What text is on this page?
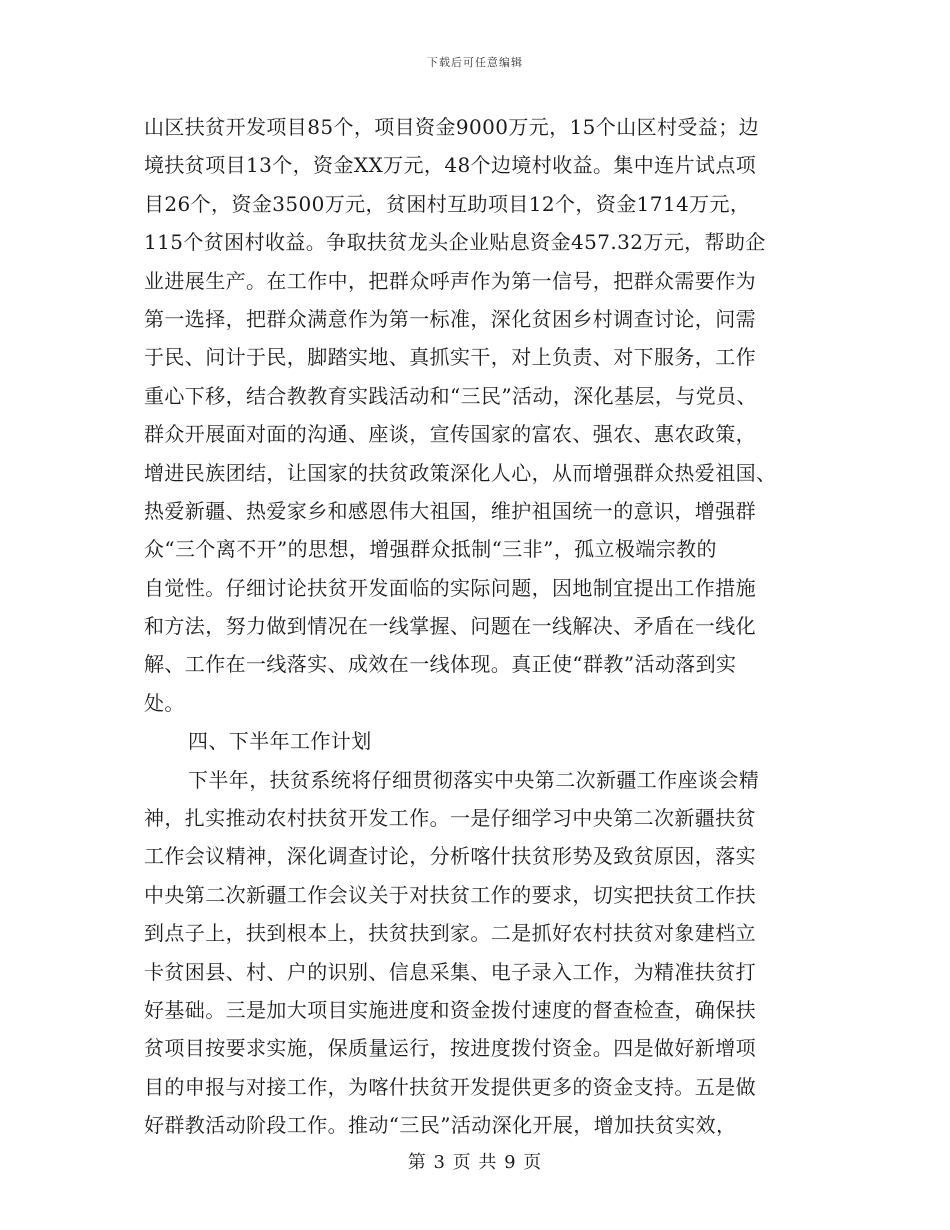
下载后可任意编辑
山区扶贫开发项目85个，项目资金9000万元，15个山区村受益；边
境扶贫项目13个，资金XX万元，48个边境村收益。集中连片试点项
目26个，资金3500万元，贫困村互助项目12个，资金1714万元，
115个贫困村收益。争取扶贫龙头企业贴息资金457.32万元，帮助企
业进展生产。在工作中，把群众呼声作为第一信号，把群众需要作为
第一选择，把群众满意作为第一标准，深化贫困乡村调查讨论，问需
于民、问计于民，脚踏实地、真抓实干，对上负责、对下服务，工作
重心下移，结合教教育实践活动和“三民”活动，深化基层，与党员、
群众开展面对面的沟通、座谈，宣传国家的富农、强农、惠农政策，
增进民族团结，让国家的扶贫政策深化人心，从而增强群众热爱祖国、
热爱新疆、热爱家乡和感恩伟大祖国，维护祖国统一的意识，增强群
众“三个离不开”的思想，增强群众抵制“三非”，孤立极端宗教的
自觉性。仔细讨论扶贫开发面临的实际问题，因地制宜提出工作措施
和方法，努力做到情况在一线掌握、问题在一线解决、矛盾在一线化
解、工作在一线落实、成效在一线体现。真正使“群教”活动落到实
处。
四、下半年工作计划
下半年，扶贫系统将仔细贯彻落实中央第二次新疆工作座谈会精
神，扎实推动农村扶贫开发工作。一是仔细学习中央第二次新疆扶贫
工作会议精神，深化调查讨论，分析喀什扶贫形势及致贫原因，落实
中央第二次新疆工作会议关于对扶贫工作的要求，切实把扶贫工作扶
到点子上，扶到根本上，扶贫扶到家。二是抓好农村扶贫对象建档立
卡贫困县、村、户的识别、信息采集、电子录入工作，为精准扶贫打
好基础。三是加大项目实施进度和资金拨付速度的督查检查，确保扶
贫项目按要求实施，保质量运行，按进度拨付资金。四是做好新增项
目的申报与对接工作，为喀什扶贫开发提供更多的资金支持。五是做
好群教活动阶段工作。推动“三民”活动深化开展，增加扶贫实效，
第 3 页 共 9 页
